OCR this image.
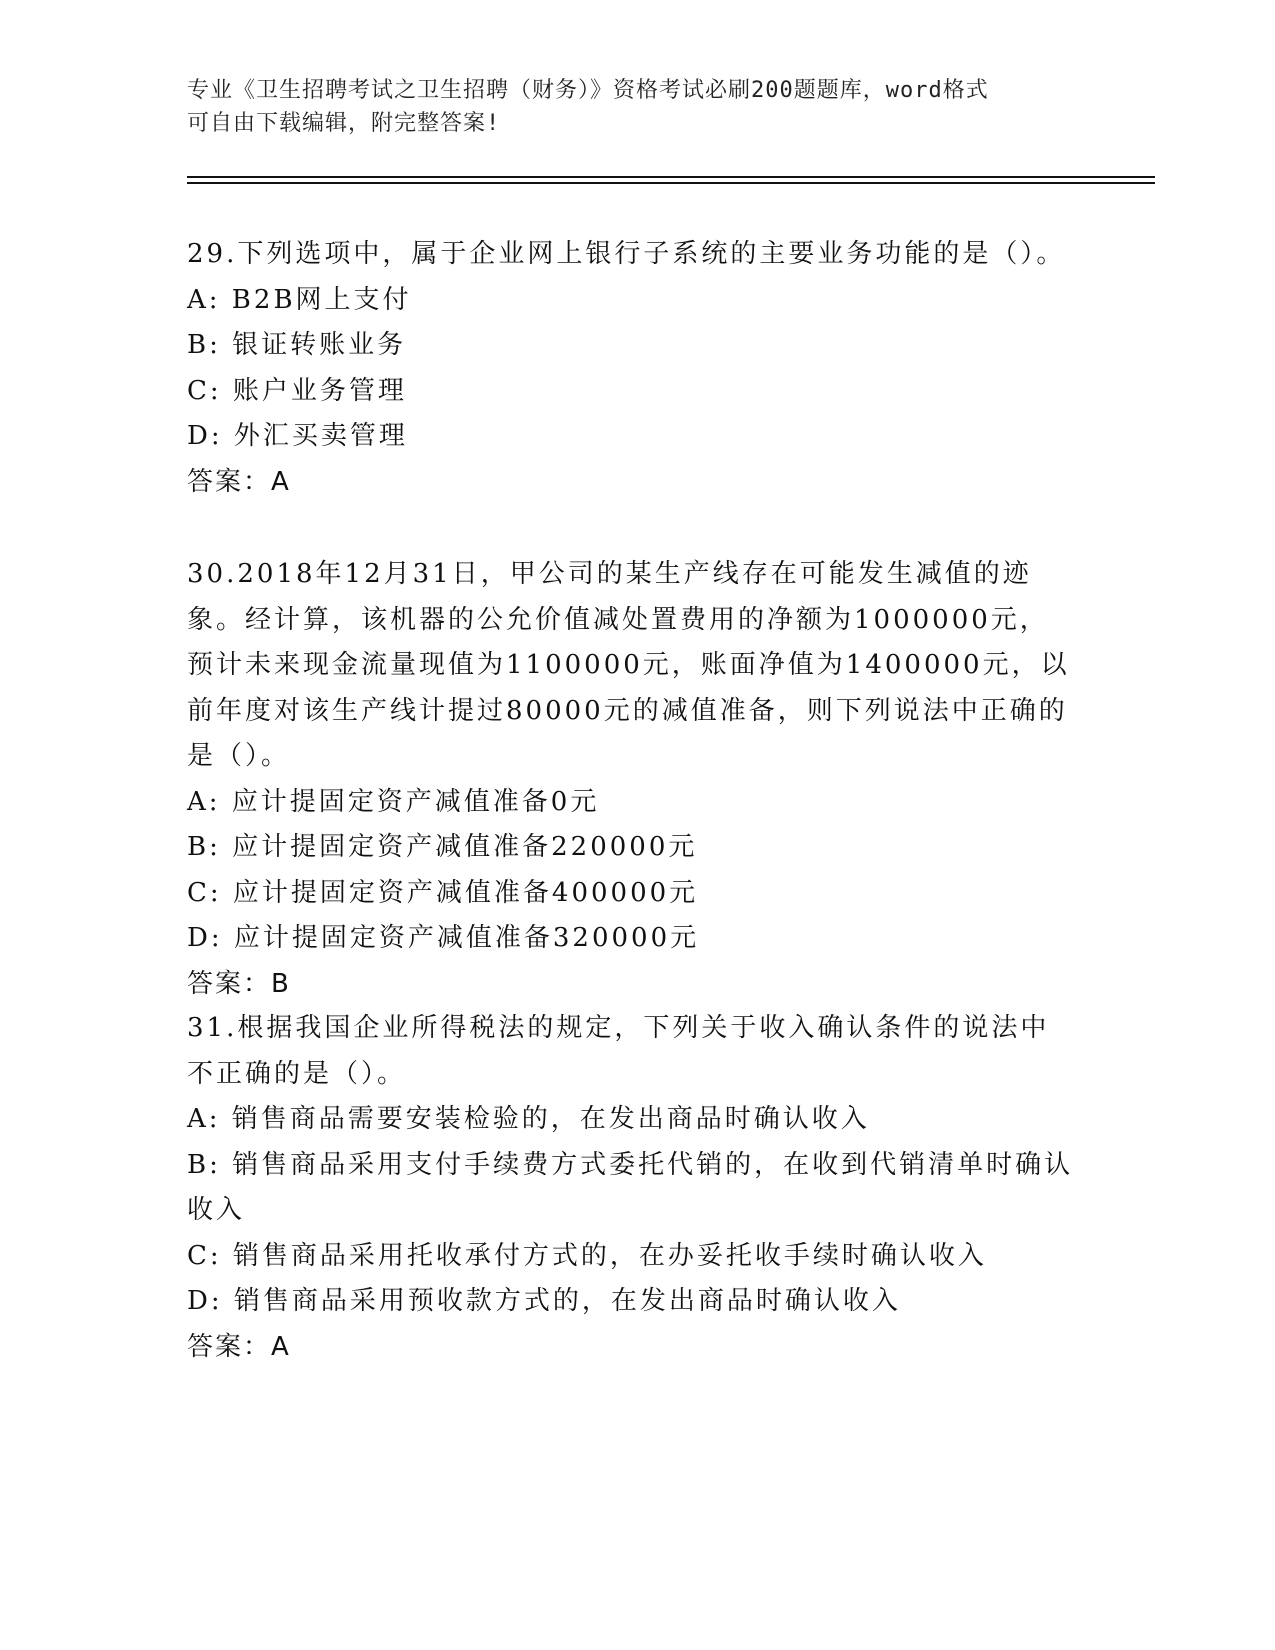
专业《卫生招聘考试之卫生招聘（财务）》资格考试必刷200题题库，word格式
可自由下载编辑，附完整答案!
29.下列选项中，属于企业网上银行子系统的主要业务功能的是（）。
A: B2B网上支付
B: 银证转账业务
C: 账户业务管理
D: 外汇买卖管理
答案：A
30.2018年12月31日，甲公司的某生产线存在可能发生减值的迹象。经计算，该机器的公允价值减处置费用的净额为1000000元，预计未来现金流量现值为1100000元，账面净值为1400000元，以前年度对该生产线计提过80000元的减值准备，则下列说法中正确的是（）。
A: 应计提固定资产减值准备0元
B: 应计提固定资产减值准备220000元
C: 应计提固定资产减值准备400000元
D: 应计提固定资产减值准备320000元
答案：B
31.根据我国企业所得税法的规定，下列关于收入确认条件的说法中不正确的是（）。
A: 销售商品需要安装检验的，在发出商品时确认收入
B: 销售商品采用支付手续费方式委托代销的，在收到代销清单时确认收入
C: 销售商品采用托收承付方式的，在办妥托收手续时确认收入
D: 销售商品采用预收款方式的，在发出商品时确认收入
答案：A
